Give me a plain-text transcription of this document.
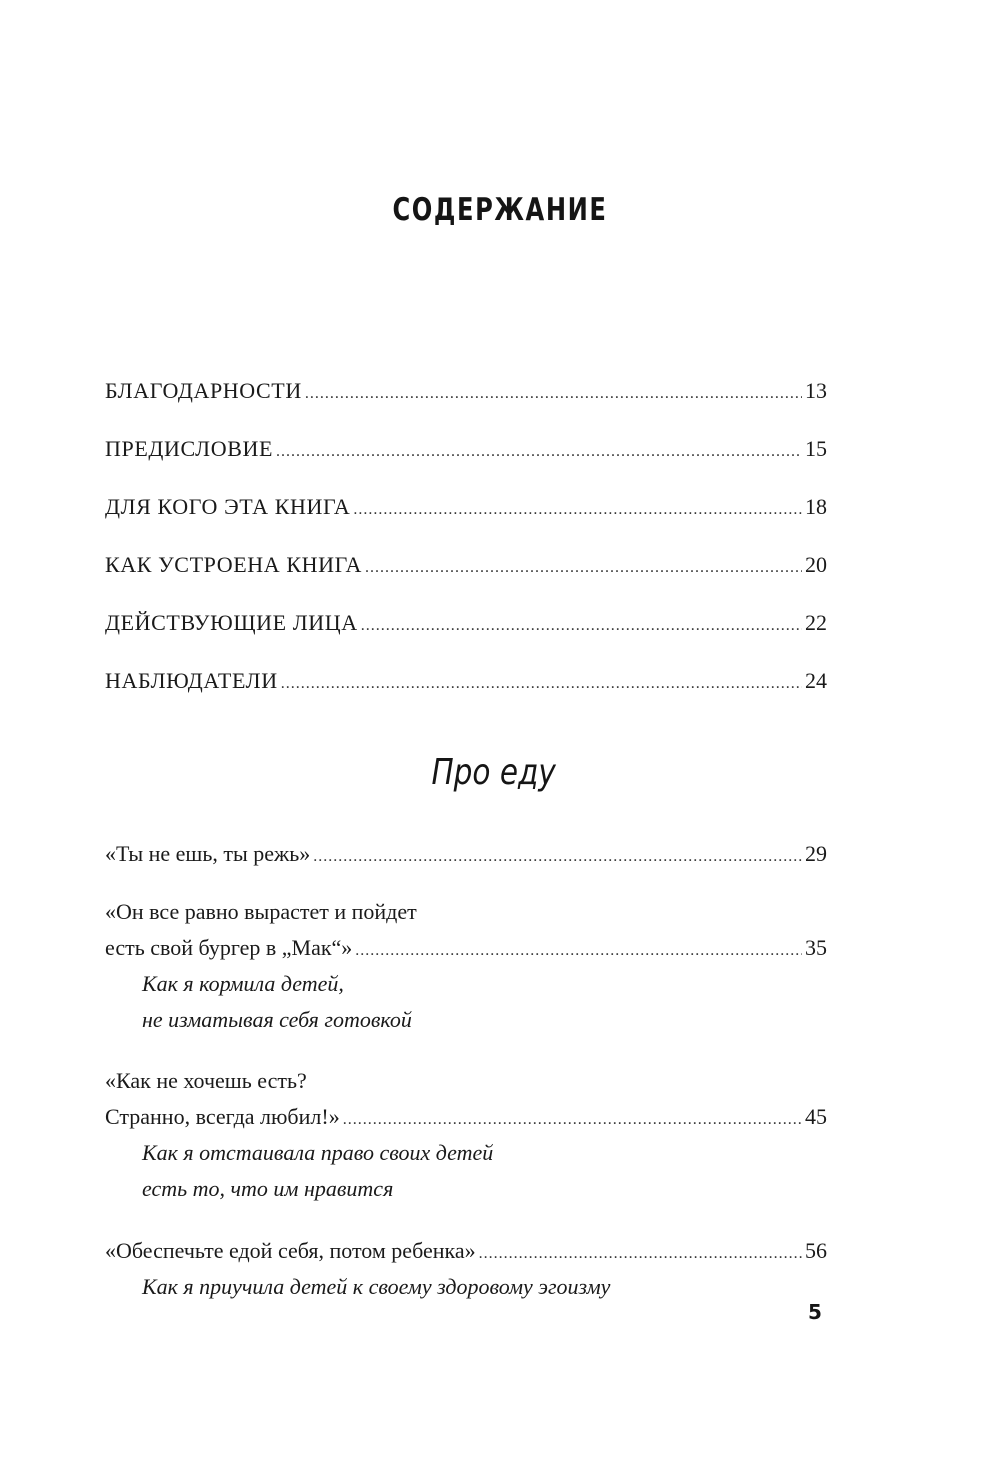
СОДЕРЖАНИЕ
БЛАГОДАРНОСТИ .....	13
ПРЕДИСЛОВИЕ .....	15
ДЛЯ КОГО ЭТА КНИГА .....	18
КАК УСТРОЕНА КНИГА .....	20
ДЕЙСТВУЮЩИЕ ЛИЦА .....	22
НАБЛЮДАТЕЛИ .....	24
Про еду
«Ты не ешь, ты режь» .....	29
«Он все равно вырастет и пойдет
есть свой бургер в „Мак“» .....	35
Как я кормила детей,
не изматывая себя готовкой
«Как не хочешь есть?
Странно, всегда любил!» .....	45
Как я отстаивала право своих детей
есть то, что им нравится
«Обеспечьте едой себя, потом ребенка» .....	56
Как я приучила детей к своему здоровому эгоизму
5
